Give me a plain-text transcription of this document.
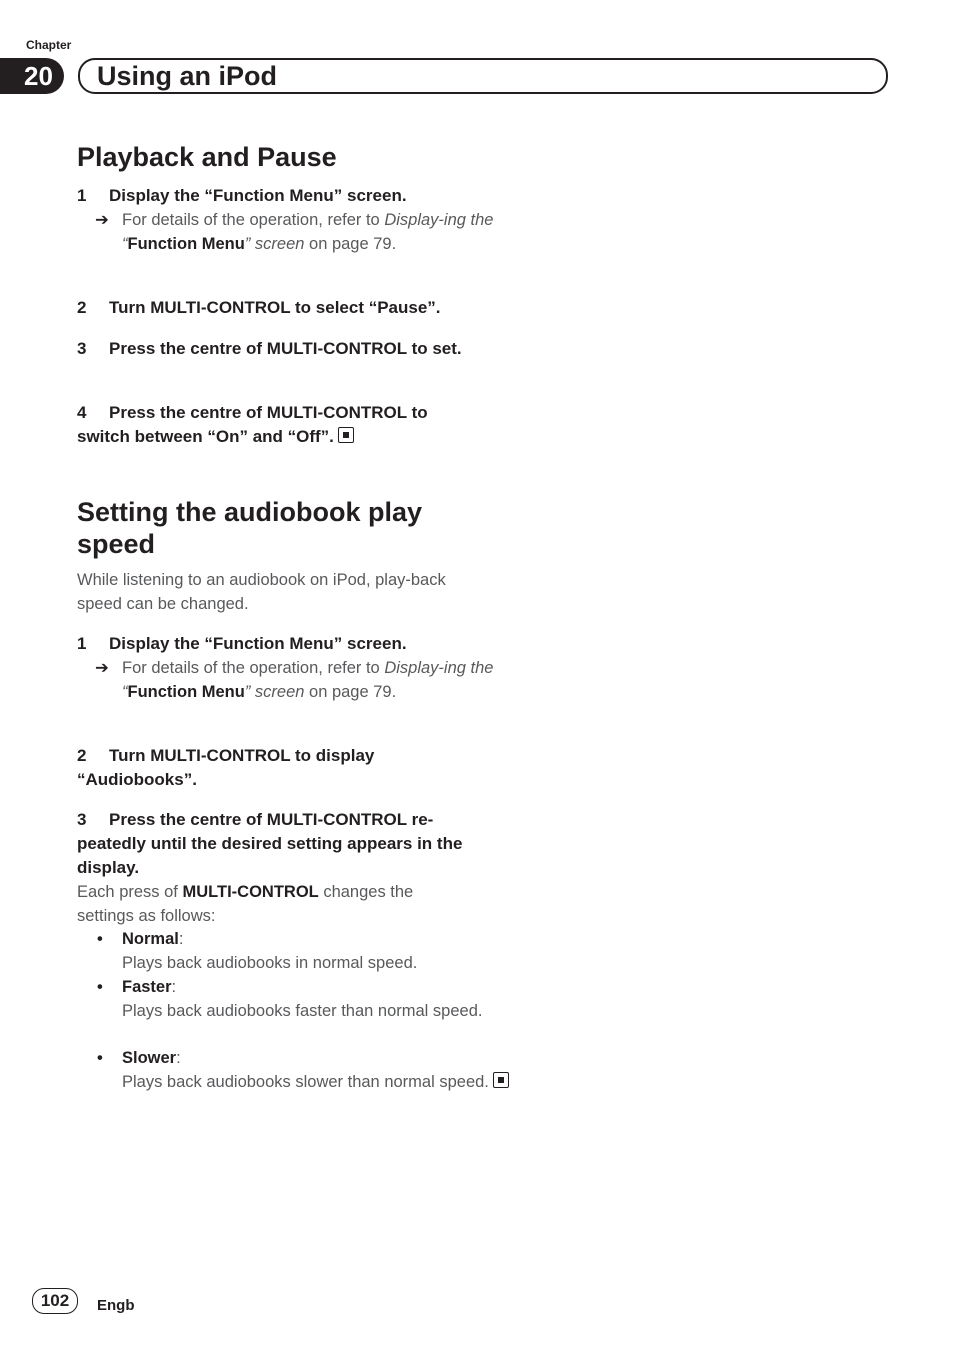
Chapter
20	Using an iPod
Playback and Pause

1 Display the “Function Menu” screen.

➔ For details of the operation, refer to Display-ing the “Function Menu” screen on page 79.

2 Turn MULTI-CONTROL to select “Pause”.

3 Press the centre of MULTI-CONTROL to set.

4 Press the centre of MULTI-CONTROL to switch between “On” and “Off”.

Setting the audiobook play speed

While listening to an audiobook on iPod, play-back speed can be changed.

1 Display the “Function Menu” screen.

➔ For details of the operation, refer to Display-ing the “Function Menu” screen on page 79.

2 Turn MULTI-CONTROL to display “Audiobooks”.

3 Press the centre of MULTI-CONTROL re-peatedly until the desired setting appears in the display.

Each press of MULTI-CONTROL changes the settings as follows:

• Normal:
Plays back audiobooks in normal speed.

• Faster:
Plays back audiobooks faster than normal speed.

• Slower:
Plays back audiobooks slower than normal speed.

102	Engb
